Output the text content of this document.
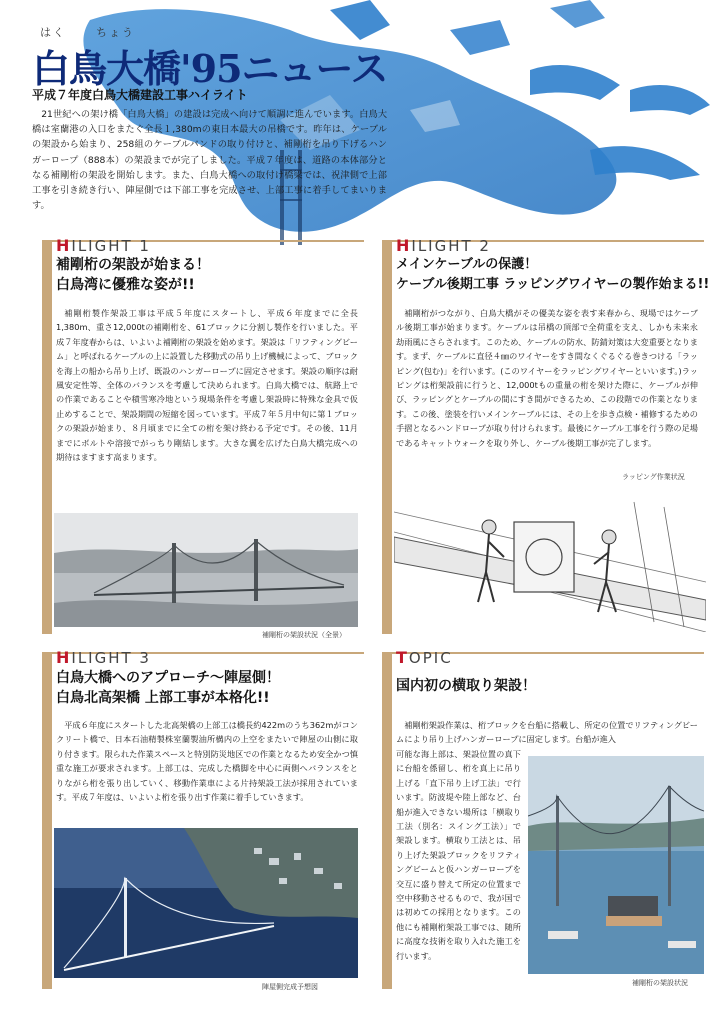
はく	ちょう
白鳥大橋'95ニュース
平成７年度白鳥大橋建設工事ハイライト

21世紀への架け橋「白鳥大橋」の建設は完成へ向けて順調に進んでいます。白鳥大橋は室蘭港の入口をまたぐ全長１,380mの東日本最大の吊橋です。昨年は、ケーブルの架設から始まり、258組のケーブルバンドの取り付けと、補剛桁を吊り下げるハンガーロープ（888本）の架設までが完了しました。平成７年度は、道路の本体部分となる補剛桁の架設を開始します。また、白鳥大橋への取付け橋梁では、祝津側で上部工事を引き続き行い、陣屋側では下部工事を完成させ、上部工事に着手してまいります。

HILIGHT 1
補剛桁の架設が始まる！
白鳥湾に優雅な姿が!!

補剛桁製作架設工事は平成５年度にスタートし、平成６年度までに全長1,380m、重さ12,000tの補剛桁を、61ブロックに分割し製作を行いました。平成７年度春からは、いよいよ補剛桁の架設を始めます。架設は「リフティングビーム」と呼ばれるケーブルの上に設置した移動式の吊り上げ機械によって、ブロックを海上の船から吊り上げ、既設のハンガーロープに固定させます。架設の順序は耐風安定性等、全体のバランスを考慮して決められます。白鳥大橋では、航路上での作業であることや積雪寒冷地という現場条件を考慮し架設時に特殊な金具で仮止めすることで、架設期間の短縮を図っています。平成７年５月中旬に第１ブロックの架設が始まり、８月頃までに全ての桁を架け終わる予定です。その後、11月までにボルトや溶接でがっちり剛結します。大きな翼を広げた白鳥大橋完成への期待はますます高まります。

補剛桁の架設状況（全景）
HILIGHT 2
メインケーブルの保護！
ケーブル後期工事 ラッピングワイヤーの製作始まる!!

補剛桁がつながり、白鳥大橋がその優美な姿を表す来春から、現場ではケーブル後期工事が始まります。ケーブルは吊橋の頂部で全荷重を支え、しかも未来永劫雨風にさらされます。このため、ケーブルの防水、防錆対策は大変重要となります。まず、ケーブルに直径４㎜のワイヤーをすき間なくぐるぐる巻きつける「ラッピング(包む)」を行います。(このワイヤーをラッピングワイヤーといいます。)ラッピングは桁架設前に行うと、12,000tもの重量の桁を架けた際に、ケーブルが伸び、ラッピングとケーブルの間にすき間ができるため、この段階での作業となります。この後、塗装を行いメインケーブルには、その上を歩き点検・補修するための手摺となるハンドロープが取り付けられます。最後にケーブル工事を行う際の足場であるキャットウォークを取り外し、ケーブル後期工事が完了します。

ラッピング作業状況
HILIGHT 3
白鳥大橋へのアプローチ～陣屋側！
白鳥北高架橋 上部工事が本格化!!

平成６年度にスタートした北高架橋の上部工は橋長約422mのうち362mがコンクリート橋で、日本石油精製株室蘭製油所構内の上空をまたいで陣屋の山側に取り付きます。限られた作業スペースと特別防災地区での作業となるため安全かつ慎重な施工が要求されます。上部工は、完成した橋脚を中心に両側へバランスをとりながら桁を張り出していく、移動作業車による片持架設工法が採用されています。平成７年度は、いよいよ桁を張り出す作業に着手していきます。

陣屋側完成予想図
TOPIC
国内初の横取り架設！

補剛桁架設作業は、桁ブロックを台船に搭載し、所定の位置でリフティングビームにより吊り上げハンガーロープに固定します。台船が進入

可能な海上部は、架設位置の真下に台船を係留し、桁を真上に吊り上げる「直下吊り上げ工法」で行います。防波堤や陸上部など、台船が進入できない場所は「横取り工法（別名：スイング工法）」で架設します。横取り工法とは、吊り上げた架設ブロックをリフティングビームと仮ハンガーロープを交互に盛り替えて所定の位置まで空中移動させるもので、我が国では初めての採用となります。この他にも補剛桁架設工事では、随所に高度な技術を取り入れた施工を行います。

補剛桁の架設状況
